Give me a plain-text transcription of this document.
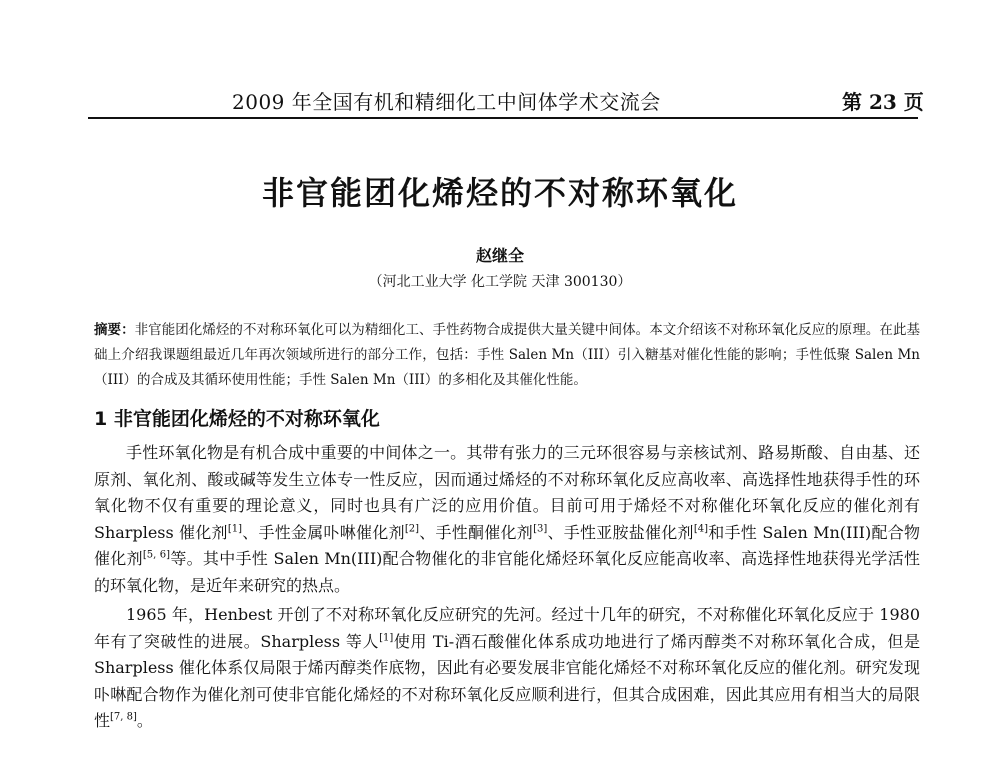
2009 年全国有机和精细化工中间体学术交流会	第 23 页
非官能团化烯烃的不对称环氧化
赵继全
（河北工业大学 化工学院 天津 300130）
摘要：非官能团化烯烃的不对称环氧化可以为精细化工、手性药物合成提供大量关键中间体。本文介绍该不对称环氧化反应的原理。在此基础上介绍我课题组最近几年再次领域所进行的部分工作，包括：手性 Salen Mn（III）引入糖基对催化性能的影响；手性低聚 Salen Mn（III）的合成及其循环使用性能；手性 Salen Mn（III）的多相化及其催化性能。
1 非官能团化烯烃的不对称环氧化

手性环氧化物是有机合成中重要的中间体之一。其带有张力的三元环很容易与亲核试剂、路易斯酸、自由基、还原剂、氧化剂、酸或碱等发生立体专一性反应，因而通过烯烃的不对称环氧化反应高收率、高选择性地获得手性的环氧化物不仅有重要的理论意义，同时也具有广泛的应用价值。目前可用于烯烃不对称催化环氧化反应的催化剂有 Sharpless 催化剂[1]、手性金属卟啉催化剂[2]、手性酮催化剂[3]、手性亚胺盐催化剂[4]和手性 Salen Mn(III)配合物催化剂[5, 6]等。其中手性 Salen Mn(III)配合物催化的非官能化烯烃环氧化反应能高收率、高选择性地获得光学活性的环氧化物，是近年来研究的热点。

1965 年，Henbest 开创了不对称环氧化反应研究的先河。经过十几年的研究，不对称催化环氧化反应于 1980 年有了突破性的进展。Sharpless 等人[1]使用 Ti-酒石酸催化体系成功地进行了烯丙醇类不对称环氧化合成，但是 Sharpless 催化体系仅局限于烯丙醇类作底物，因此有必要发展非官能化烯烃不对称环氧化反应的催化剂。研究发现卟啉配合物作为催化剂可使非官能化烯烃的不对称环氧化反应顺利进行，但其合成困难，因此其应用有相当大的局限性[7, 8]。
